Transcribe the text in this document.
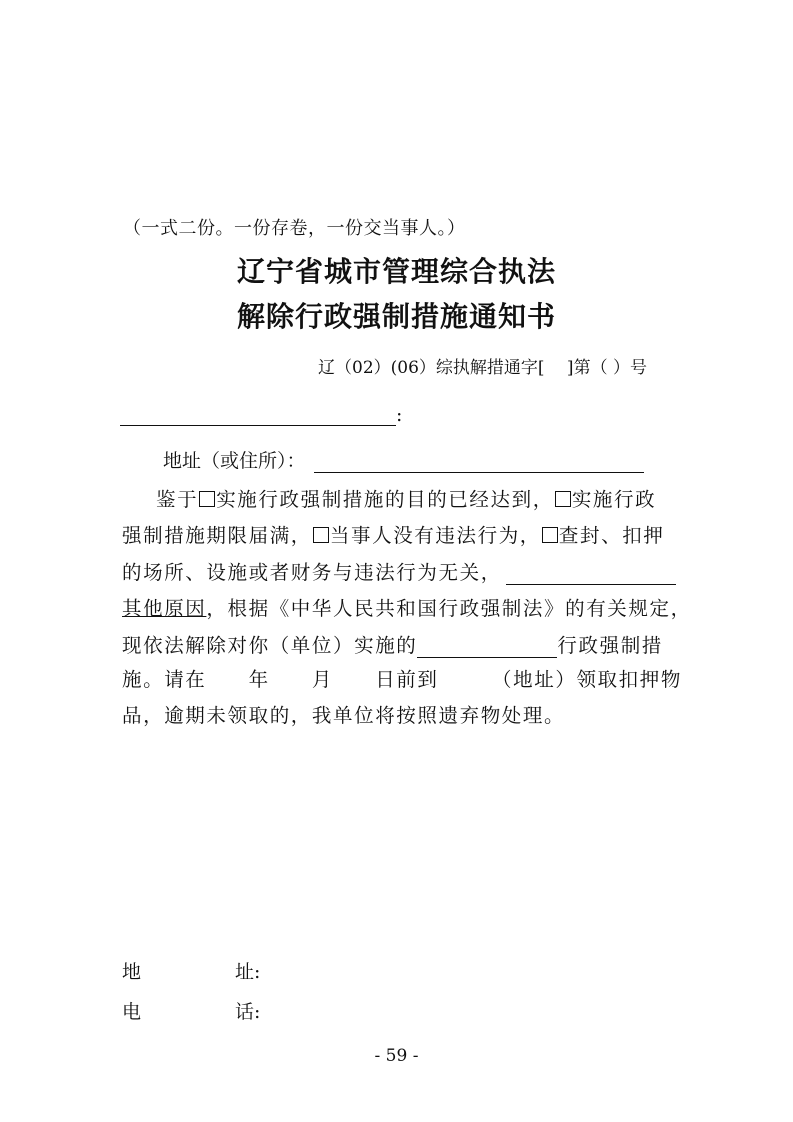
（一式二份。一份存卷，一份交当事人。）
辽宁省城市管理综合执法
解除行政强制措施通知书
辽（02）(06）综执解措通字[　 ]第（ ）号
:
地址（或住所）：
鉴于 实施行政强制措施的目的已经达到， 实施行政
强制措施期限届满， 当事人没有违法行为， 查封、扣押
的场所、设施或者财务与违法行为无关，
其他原因，根据《中华人民共和国行政强制法》的有关规定，
现依法解除对你（单位）实施的	行政强制措
施。请在　　年　　月　　日前到　　　（地址）领取扣押物
品，逾期未领取的，我单位将按照遗弃物处理。
地	址:
电	话:
- 59 -
